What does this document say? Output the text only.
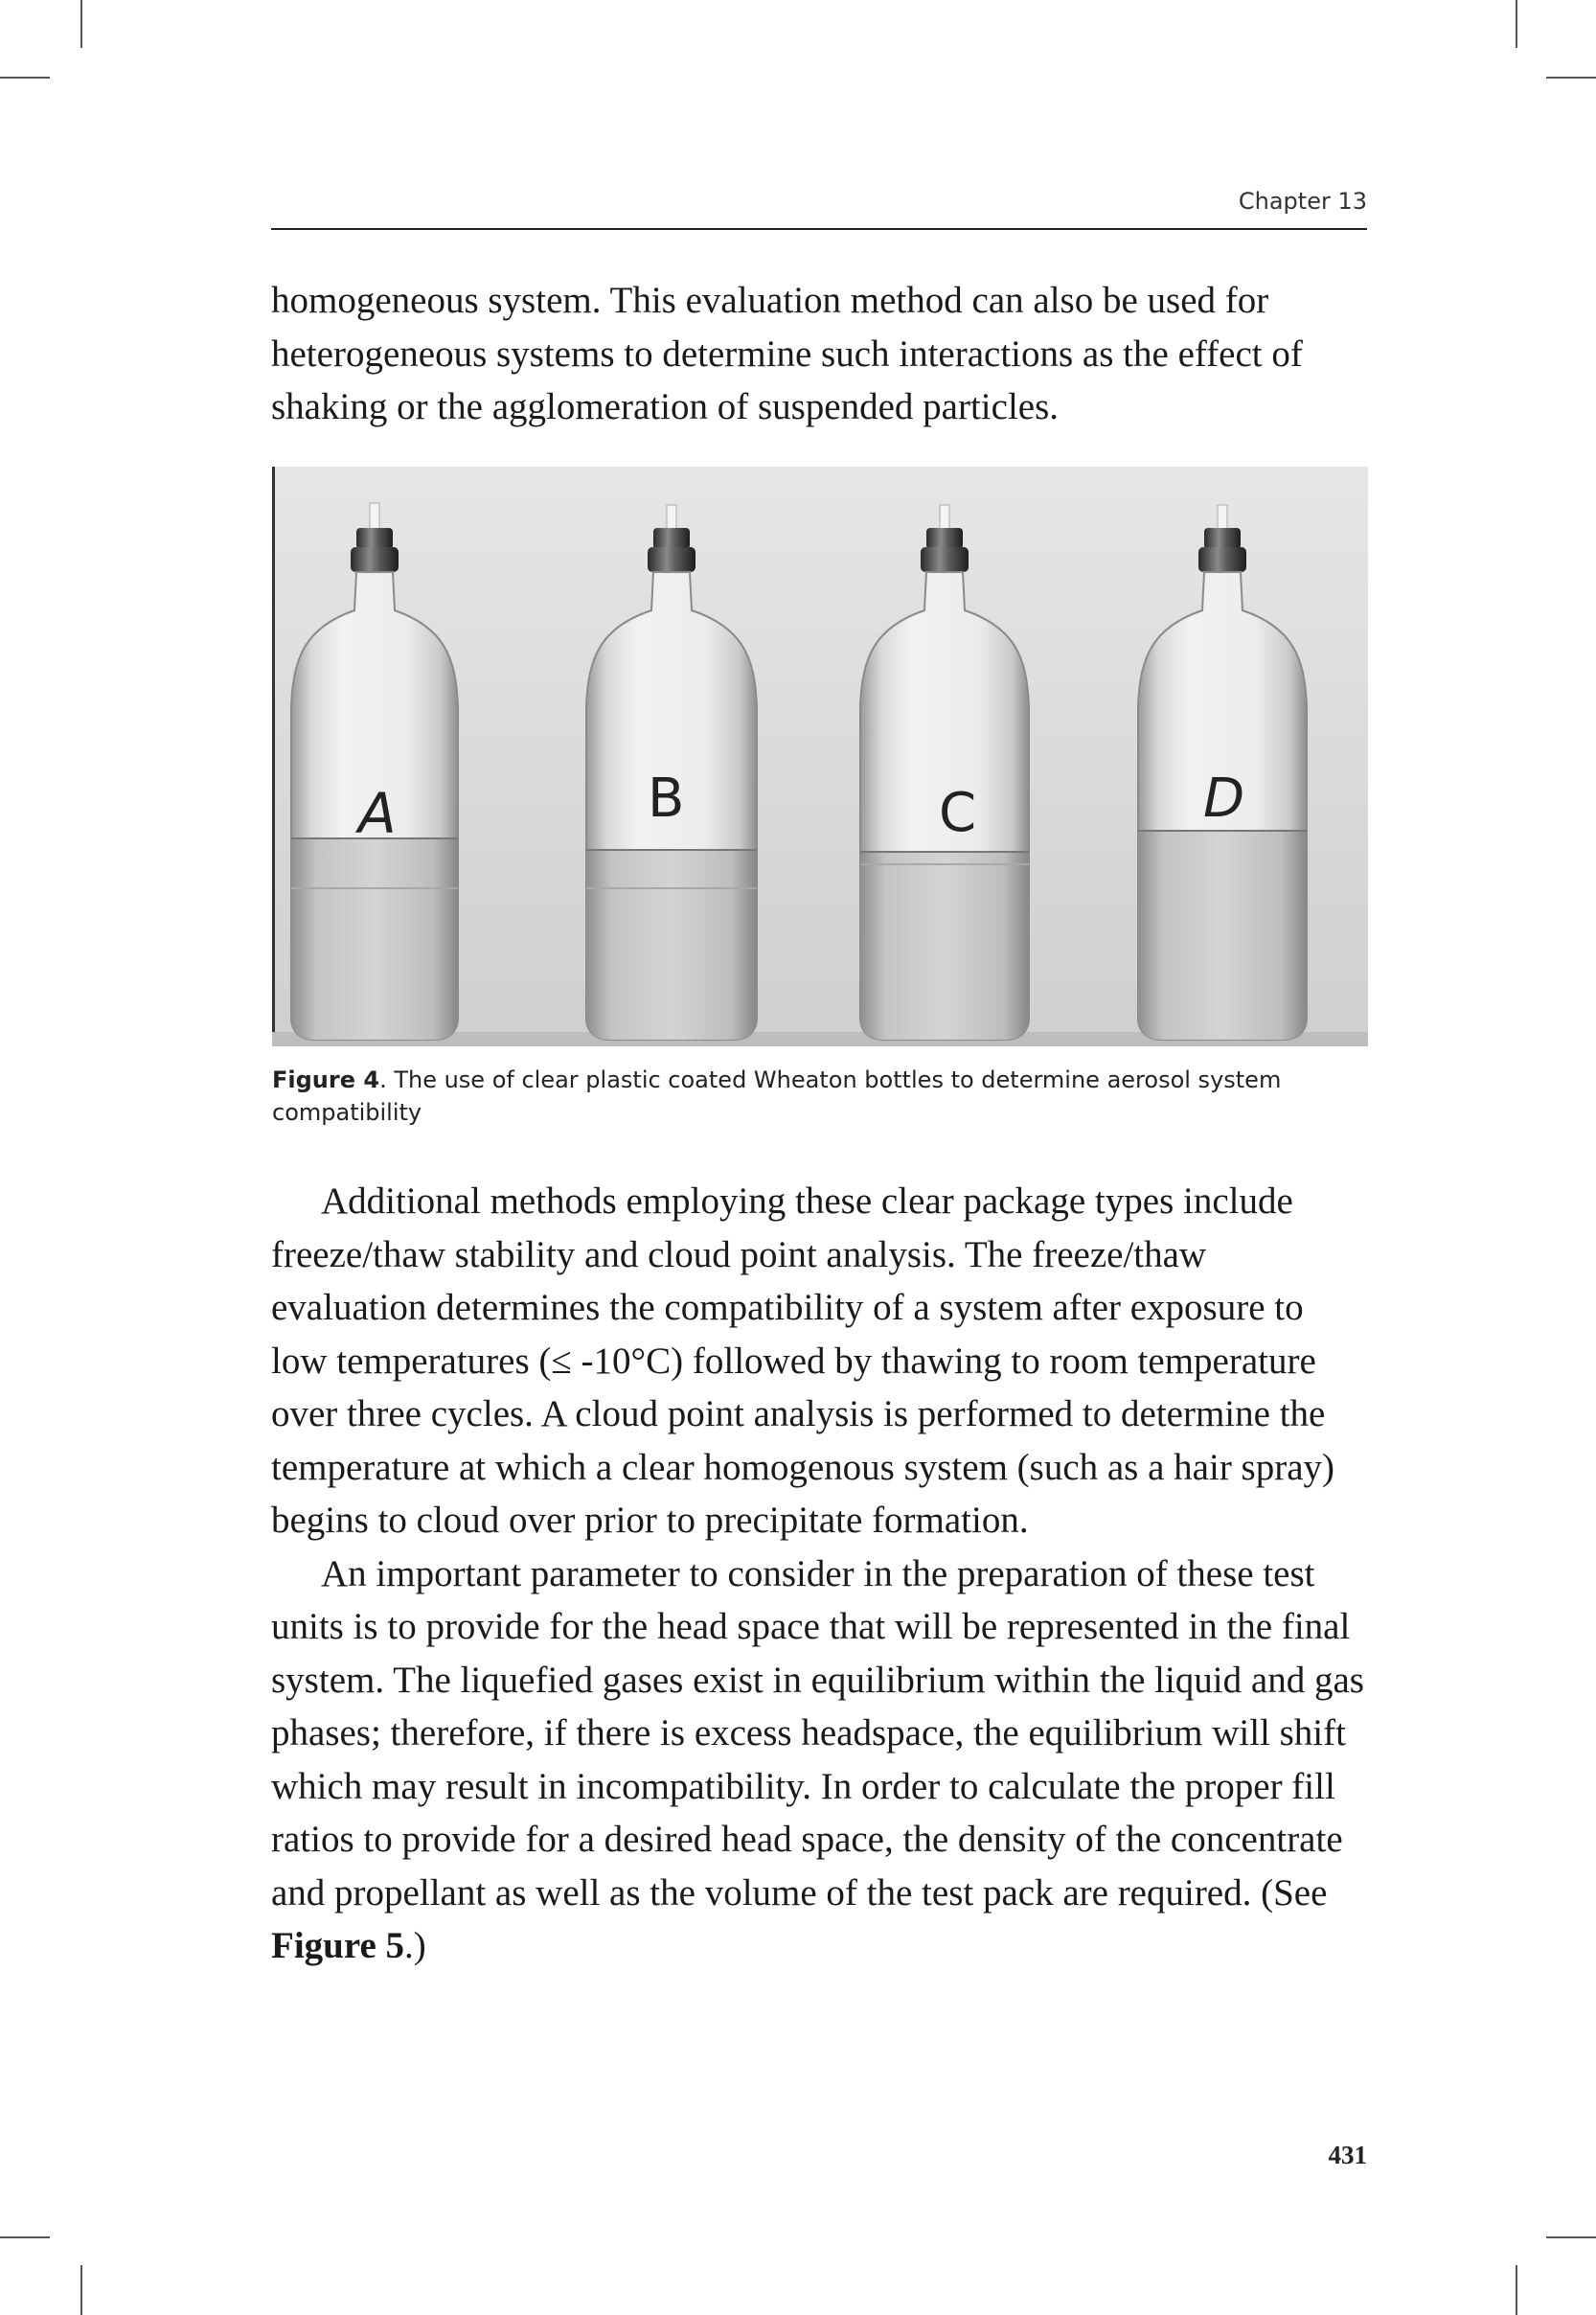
Chapter 13

homogeneous system. This evaluation method can also be used for heterogeneous systems to determine such interactions as the effect of shaking or the agglomeration of suspended particles.

A	B	C	D
Figure 4. The use of clear plastic coated Wheaton bottles to determine aerosol system compatibility

Additional methods employing these clear package types include freeze/thaw stability and cloud point analysis. The freeze/thaw evaluation determines the compatibility of a system after exposure to low temperatures (≤ -10°C) followed by thawing to room temperature over three cycles. A cloud point analysis is performed to determine the temperature at which a clear homogenous system (such as a hair spray) begins to cloud over prior to precipitate formation.

An important parameter to consider in the preparation of these test units is to provide for the head space that will be represented in the final system. The liquefied gases exist in equilibrium within the liquid and gas phases; therefore, if there is excess headspace, the equilibrium will shift which may result in incompatibility. In order to calculate the proper fill ratios to provide for a desired head space, the density of the concentrate and propellant as well as the volume of the test pack are required. (See Figure 5.)

431
